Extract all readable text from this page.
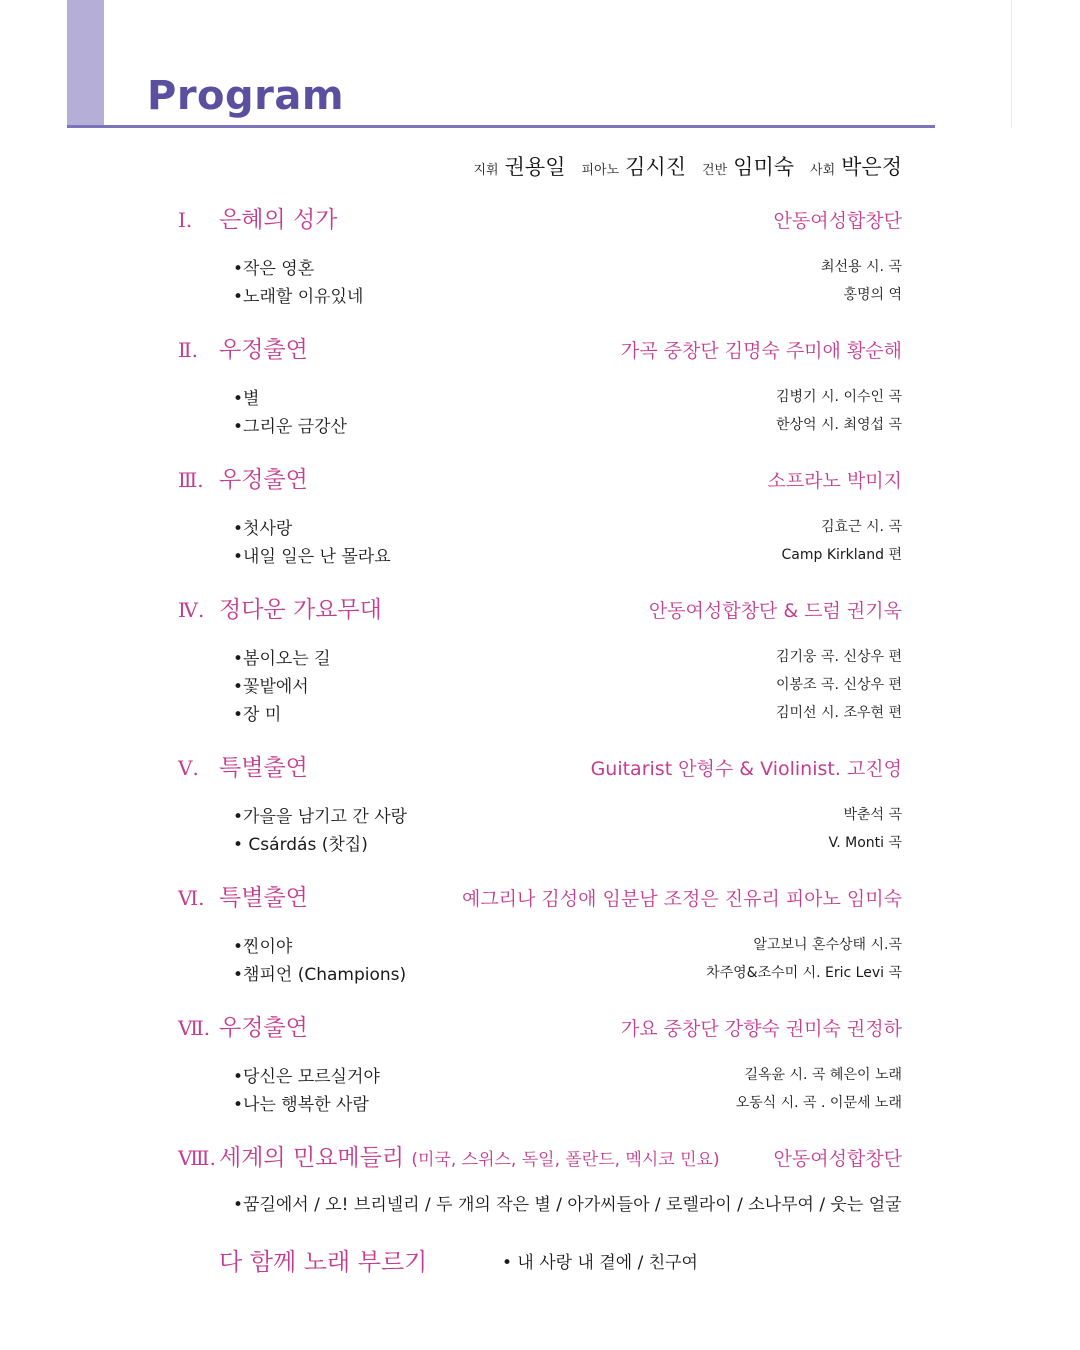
Program
지휘 권용일 피아노 김시진 건반 임미숙 사회 박은정
Ⅰ. 은혜의 성가	안동여성합창단
•작은 영혼	최선용 시. 곡
•노래할 이유있네	홍명의 역
Ⅱ. 우정출연	가곡 중창단 김명숙 주미애 황순해
•별	김병기 시. 이수인 곡
•그리운 금강산	한상억 시. 최영섭 곡
Ⅲ. 우정출연	소프라노 박미지
•첫사랑	김효근 시. 곡
•내일 일은 난 몰라요	Camp Kirkland 편
Ⅳ. 정다운 가요무대	안동여성합창단 & 드럼 권기욱
•봄이오는 길	김기웅 곡. 신상우 편
•꽃밭에서	이봉조 곡. 신상우 편
•장 미	김미선 시. 조우현 편
Ⅴ. 특별출연	Guitarist 안형수 & Violinist. 고진영
•가을을 남기고 간 사랑	박춘석 곡
• Csárdás (찻집)	V. Monti 곡
Ⅵ. 특별출연	예그리나 김성애 임분남 조정은 진유리 피아노 임미숙
•찐이야	알고보니 혼수상태 시.곡
•챔피언 (Champions)	차주영&조수미 시. Eric Levi 곡
Ⅶ. 우정출연	가요 중창단 강향숙 권미숙 권정하
•당신은 모르실거야	길옥윤 시. 곡 혜은이 노래
•나는 행복한 사람	오동식 시. 곡 . 이문세 노래
Ⅷ. 세계의 민요메들리 (미국, 스위스, 독일, 폴란드, 멕시코 민요)	안동여성합창단
•꿈길에서 / 오! 브리넬리 / 두 개의 작은 별 / 아가씨들아 / 로렐라이 / 소나무여 / 웃는 얼굴
다 함께 노래 부르기	• 내 사랑 내 곁에 / 친구여
